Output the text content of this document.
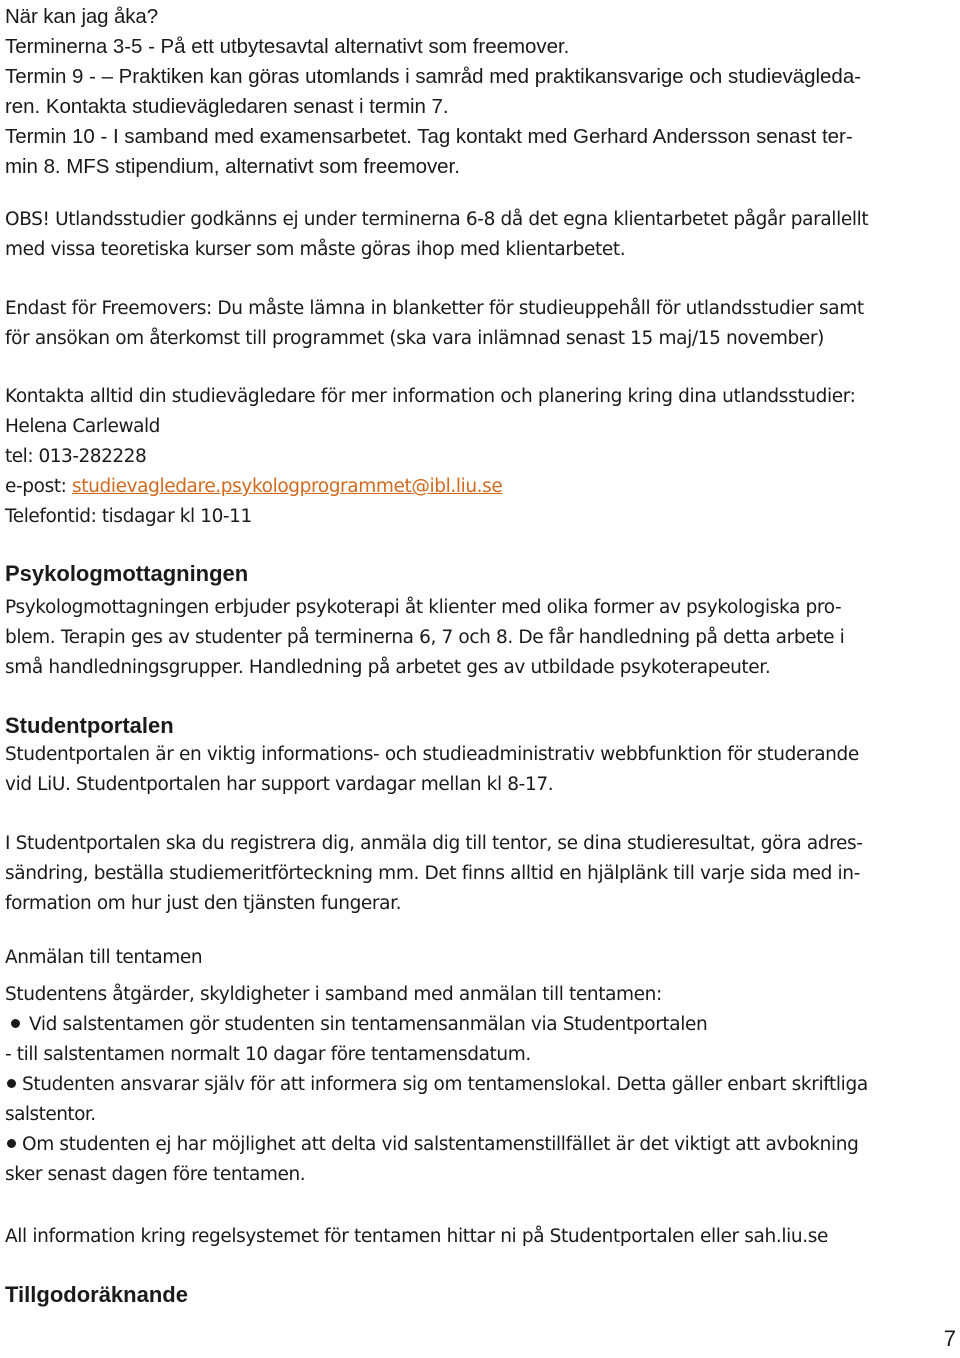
När kan jag åka?
Terminerna 3-5 - På ett utbytesavtal alternativt som freemover.
Termin 9 - – Praktiken kan göras utomlands i samråd med praktikansvarige och studievägleda-
ren. Kontakta studievägledaren senast i termin 7.
Termin 10 - I samband med examensarbetet. Tag kontakt med Gerhard Andersson senast ter-
min 8. MFS stipendium, alternativt som freemover.
OBS! Utlandsstudier godkänns ej under terminerna 6-8 då det egna klientarbetet pågår parallellt
med vissa teoretiska kurser som måste göras ihop med klientarbetet.
Endast för Freemovers: Du måste lämna in blanketter för studieuppehåll för utlandsstudier samt
för ansökan om återkomst till programmet (ska vara inlämnad senast 15 maj/15 november)
Kontakta alltid din studievägledare för mer information och planering kring dina utlandsstudier:
Helena Carlewald
tel: 013-282228
e-post: studievagledare.psykologprogrammet@ibl.liu.se
Telefontid: tisdagar kl 10-11
Psykologmottagningen
Psykologmottagningen erbjuder psykoterapi åt klienter med olika former av psykologiska pro-
blem. Terapin ges av studenter på terminerna 6, 7 och 8. De får handledning på detta arbete i
små handledningsgrupper. Handledning på arbetet ges av utbildade psykoterapeuter.
Studentportalen
Studentportalen är en viktig informations- och studieadministrativ webbfunktion för studerande
vid LiU. Studentportalen har support vardagar mellan kl 8-17.
I Studentportalen ska du registrera dig, anmäla dig till tentor, se dina studieresultat, göra adres-
sändring, beställa studiemeritförteckning mm. Det finns alltid en hjälplänk till varje sida med in-
formation om hur just den tjänsten fungerar.
Anmälan till tentamen
Studentens åtgärder, skyldigheter i samband med anmälan till tentamen:
Vid salstentamen gör studenten sin tentamensanmälan via Studentportalen
- till salstentamen normalt 10 dagar före tentamensdatum.
Studenten ansvarar själv för att informera sig om tentamenslokal. Detta gäller enbart skriftliga
salstentor.
Om studenten ej har möjlighet att delta vid salstentamenstillfället är det viktigt att avbokning
sker senast dagen före tentamen.
All information kring regelsystemet för tentamen hittar ni på Studentportalen eller sah.liu.se
Tillgodoräknande
7
